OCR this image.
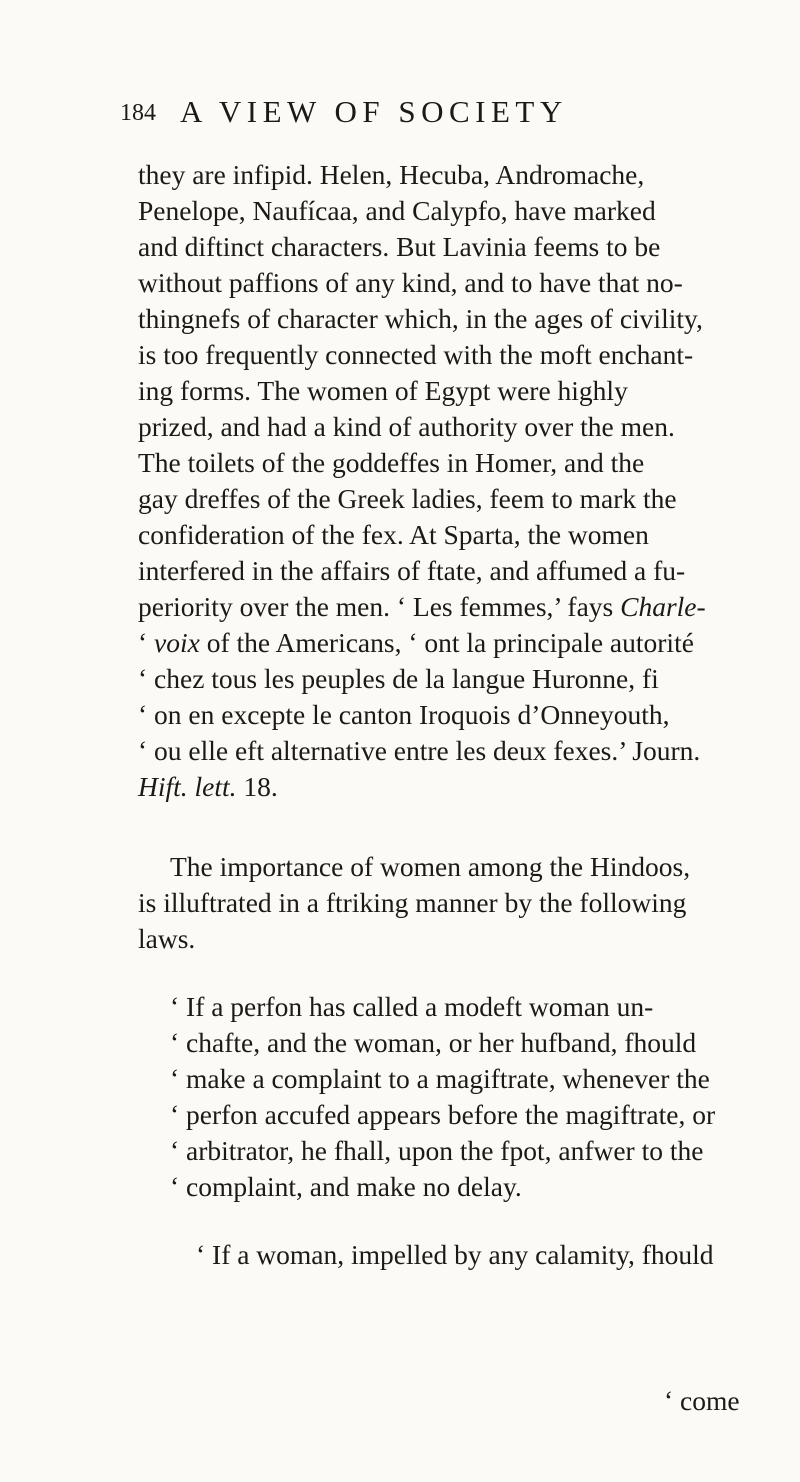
184 A VIEW OF SOCIETY
they are infipid. Helen, Hecuba, Andromache,
Penelope, Naufícaa, and Calypfo, have marked
and diftinct characters. But Lavinia feems to be
without paffions of any kind, and to have that no-
thingnefs of character which, in the ages of civility,
is too frequently connected with the moft enchant-
ing forms. The women of Egypt were highly
prized, and had a kind of authority over the men.
The toilets of the goddeffes in Homer, and the
gay dreffes of the Greek ladies, feem to mark the
confideration of the fex. At Sparta, the women
interfered in the affairs of ftate, and affumed a fu-
periority over the men. ‘ Les femmes,’ fays Charle-
‘ voix of the Americans, ‘ ont la principale autorité
‘ chez tous les peuples de la langue Huronne, fi
‘ on en excepte le canton Iroquois d’Onneyouth,
‘ ou elle eft alternative entre les deux fexes.’ Journ.
Hift. lett. 18.
The importance of women among the Hindoos,
is illuftrated in a ftriking manner by the following
laws.
‘ If a perfon has called a modeft woman un-
‘ chafte, and the woman, or her hufband, fhould
‘ make a complaint to a magiftrate, whenever the
‘ perfon accufed appears before the magiftrate, or
‘ arbitrator, he fhall, upon the fpot, anfwer to the
‘ complaint, and make no delay.
‘ If a woman, impelled by any calamity, fhould
‘ come
